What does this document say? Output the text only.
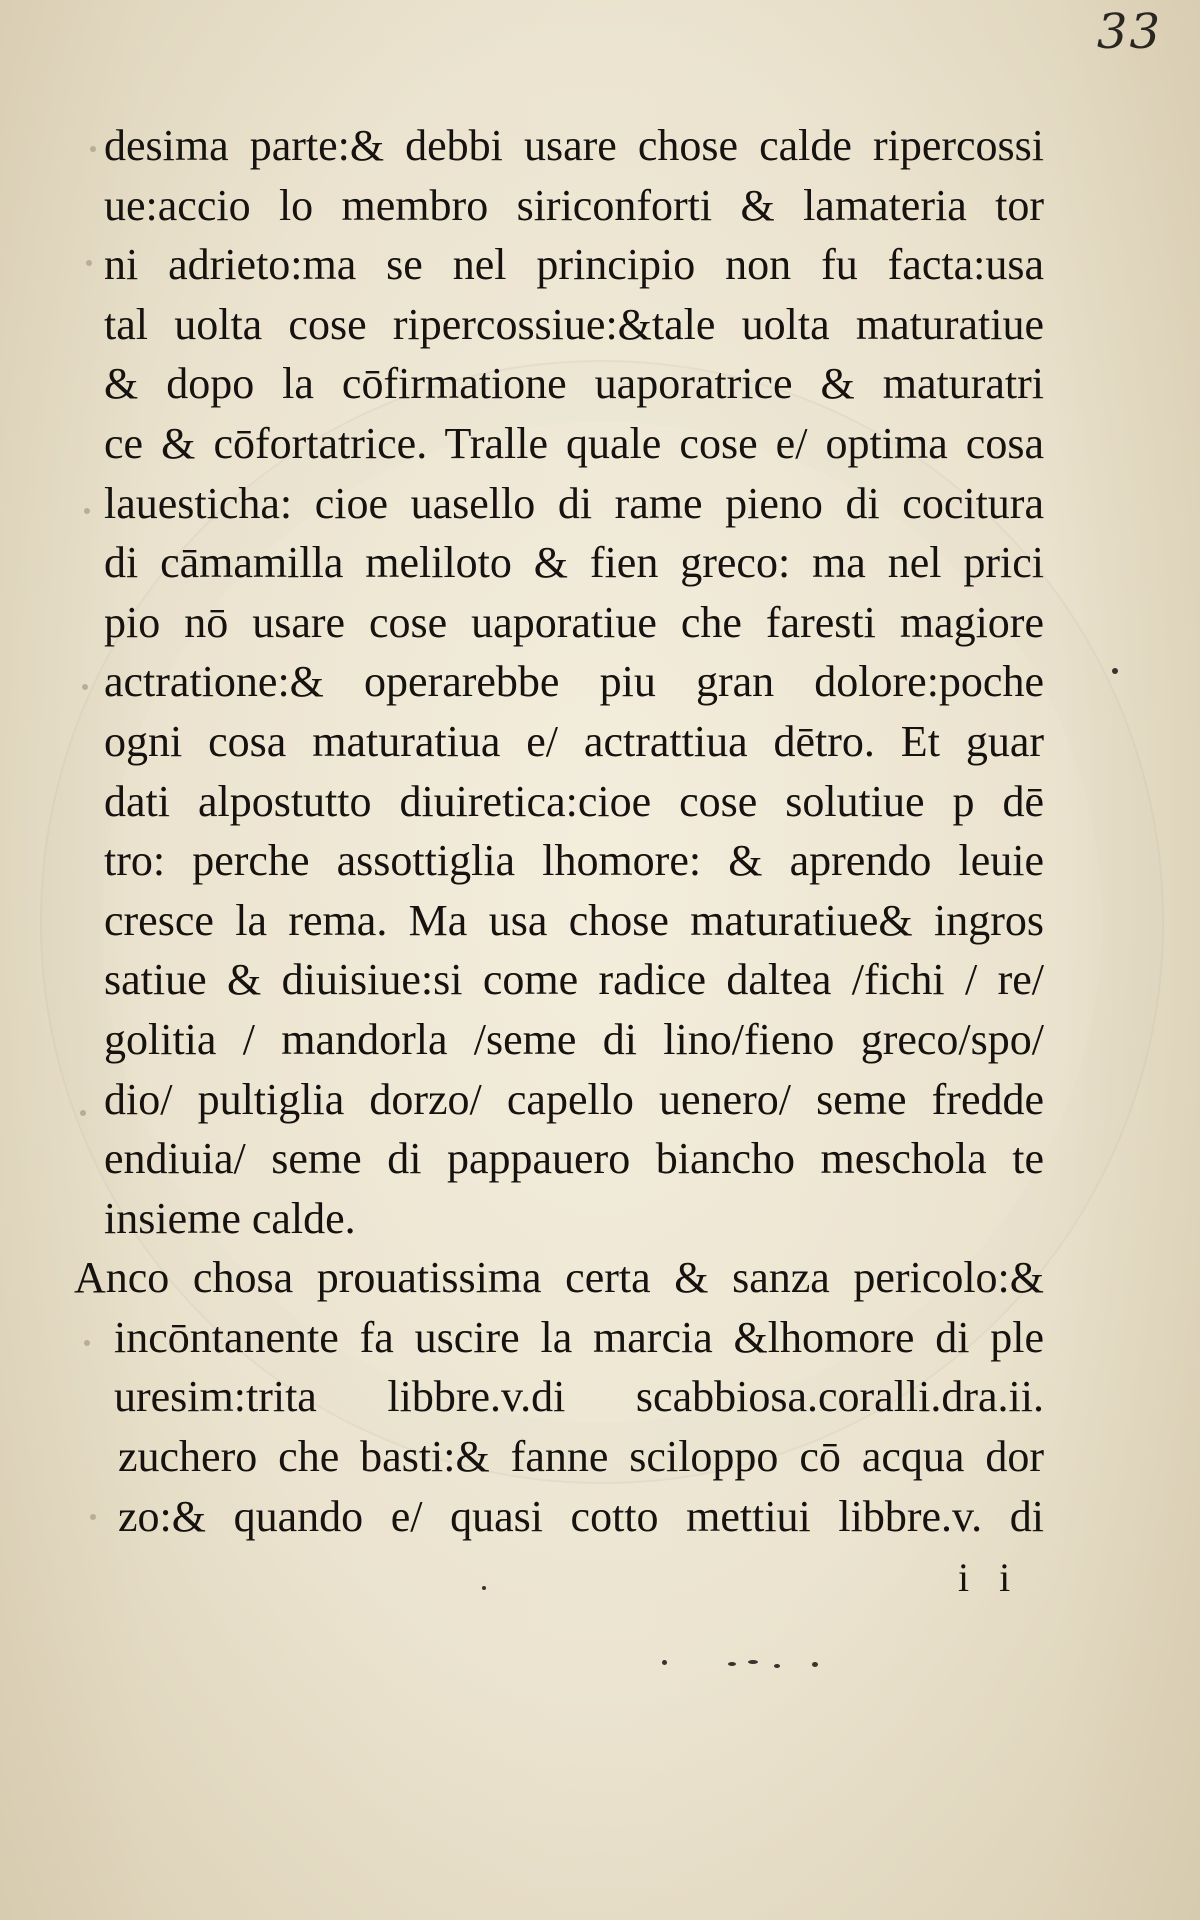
33
desima parte:& debbi usare chose calde ripercossi
ue:accio lo membro siriconforti & lamateria tor
ni adrieto:ma se nel principio non fu facta:usa
tal uolta cose ripercossiue:&tale uolta maturatiue
& dopo la cōfirmatione uaporatrice & maturatri
ce & cōfortatrice. Tralle quale cose e/ optima cosa
lauesticha: cioe uasello di rame pieno di cocitura
di cāmamilla meliloto & fien greco: ma nel prici
pio nō usare cose uaporatiue che faresti magiore
actratione:& operarebbe piu gran dolore:poche
ogni cosa maturatiua e/ actrattiua dētro. Et guar
dati alpostutto diuiretica:cioe cose solutiue p dē
tro: perche assottiglia lhomore: & aprendo leuie
cresce la rema. Ma usa chose maturatiue& ingros
satiue & diuisiue:si come radice daltea /fichi / re/
golitia / mandorla /seme di lino/fieno greco/spo/
dio/ pultiglia dorzo/ capello uenero/ seme fredde
endiuia/ seme di pappauero biancho meschola te
insieme calde.
Anco chosa prouatissima certa & sanza pericolo:&
incōntanente fa uscire la marcia &lhomore di ple
uresim:trita libbre.v.di scabbiosa.coralli.dra.ii.
zuchero che basti:& fanne sciloppo cō acqua dor
zo:& quando e/ quasi cotto mettiui libbre.v. di
i i
